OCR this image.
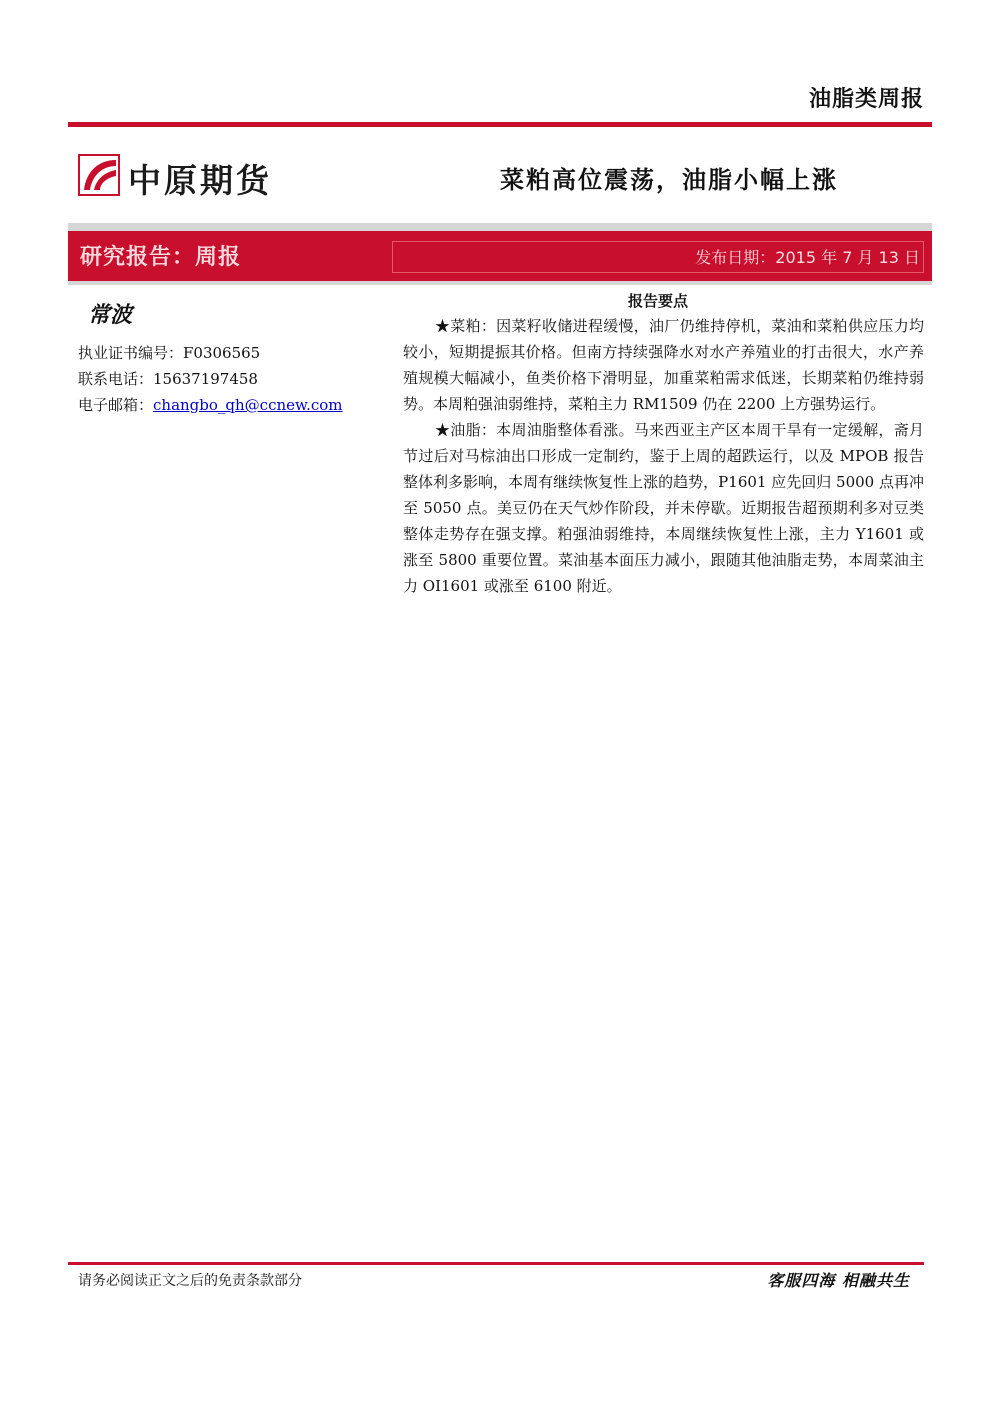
油脂类周报
中原期货	菜粕高位震荡，油脂小幅上涨
研究报告：周报	发布日期：2015 年 7 月 13 日
常波
执业证书编号：F0306565
联系电话：15637197458
电子邮箱：changbo_qh@ccnew.com
报告要点

★菜粕：因菜籽收储进程缓慢，油厂仍维持停机，菜油和菜粕供应压力均较小，短期提振其价格。但南方持续强降水对水产养殖业的打击很大，水产养殖规模大幅减小，鱼类价格下滑明显，加重菜粕需求低迷，长期菜粕仍维持弱势。本周粕强油弱维持，菜粕主力 RM1509 仍在 2200 上方强势运行。

★油脂：本周油脂整体看涨。马来西亚主产区本周干旱有一定缓解，斋月节过后对马棕油出口形成一定制约，鉴于上周的超跌运行，以及 MPOB 报告整体利多影响，本周有继续恢复性上涨的趋势，P1601 应先回归 5000 点再冲至 5050 点。美豆仍在天气炒作阶段，并未停歇。近期报告超预期利多对豆类整体走势存在强支撑。粕强油弱维持，本周继续恢复性上涨，主力 Y1601 或涨至 5800 重要位置。菜油基本面压力减小，跟随其他油脂走势，本周菜油主力 OI1601 或涨至 6100 附近。

请务必阅读正文之后的免责条款部分	客服四海 相融共生
